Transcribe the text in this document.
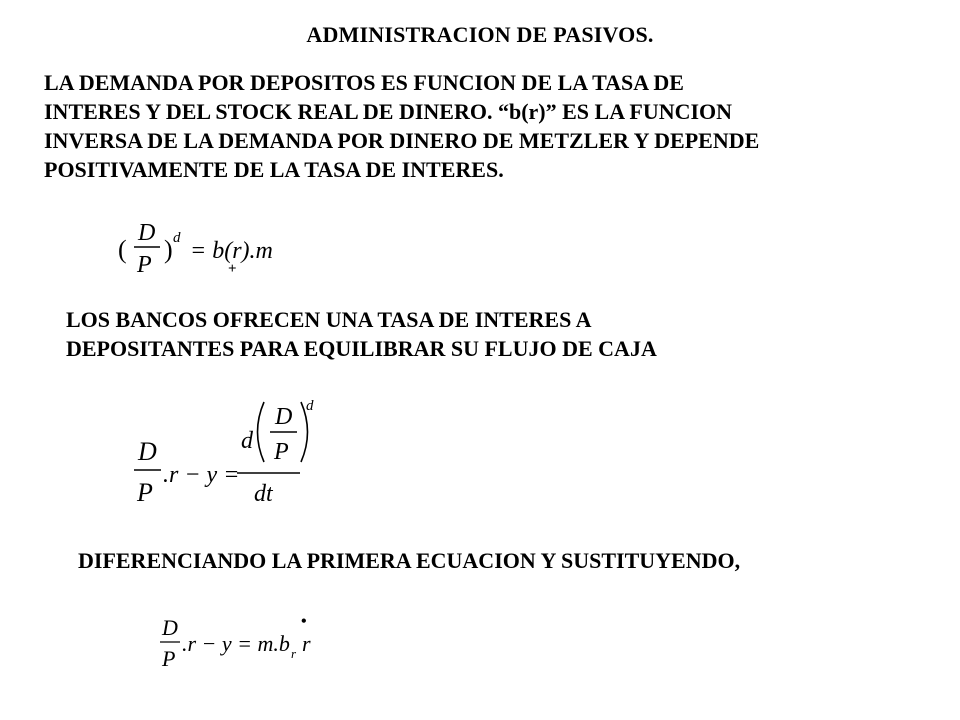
ADMINISTRACION DE PASIVOS.
LA DEMANDA POR DEPOSITOS ES FUNCION DE LA TASA DE
INTERES Y DEL STOCK REAL DE DINERO. “b(r)” ES LA FUNCION
INVERSA DE LA DEMANDA POR DINERO DE METZLER Y DEPENDE
POSITIVAMENTE DE LA TASA DE INTERES.
(
D
P
) d = b(r).m
+
LOS BANCOS OFRECEN UNA TASA DE INTERES A
DEPOSITANTES PARA EQUILIBRAR SU FLUJO DE CAJA
D
P
.r − y =
d
D
P
d
dt
DIFERENCIANDO LA PRIMERA ECUACION Y SUSTITUYENDO,
D
P
.r − y = m.b r r
•
